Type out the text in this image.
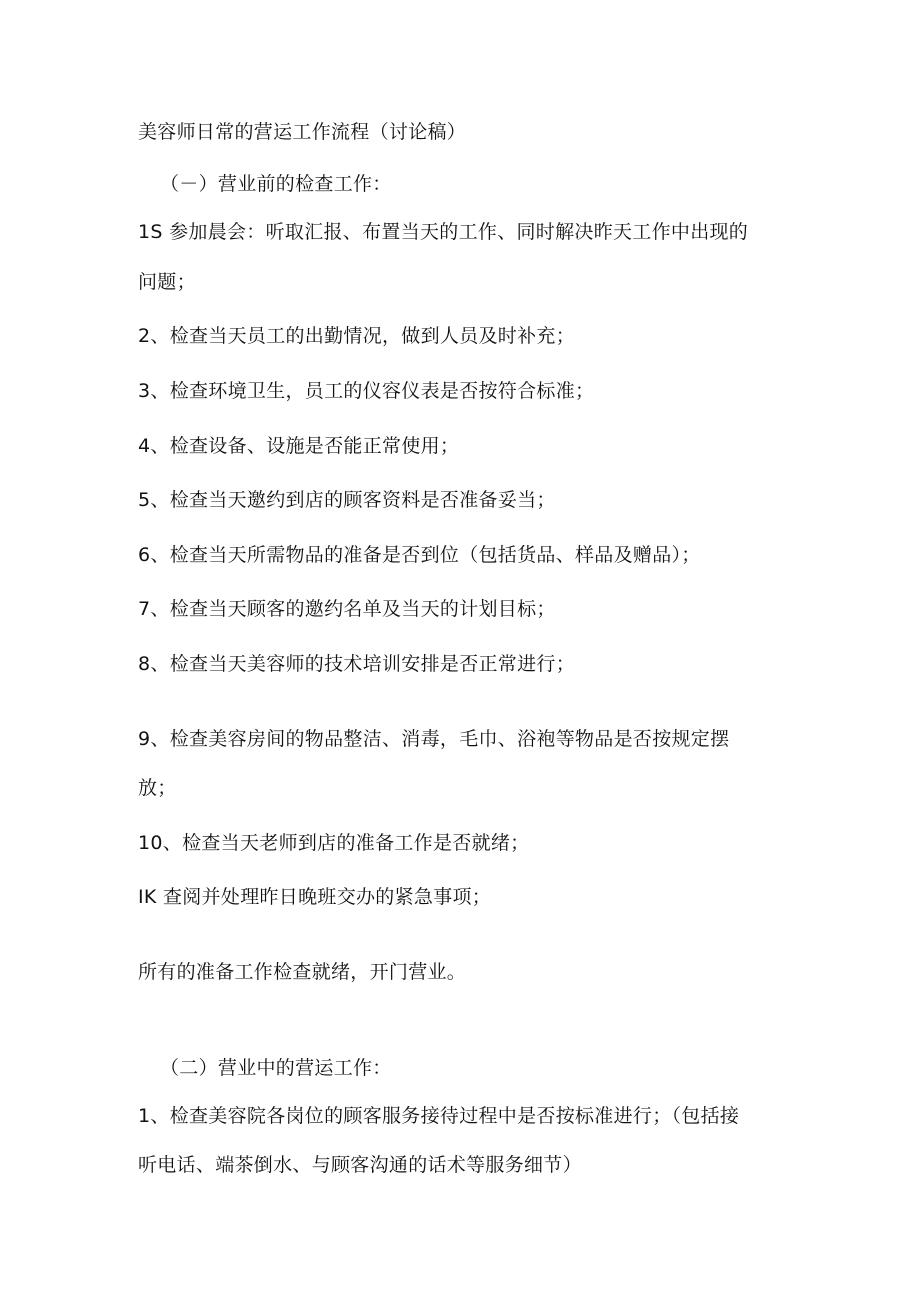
美容师日常的营运工作流程（讨论稿）
（－）营业前的检查工作：
1S 参加晨会：听取汇报、布置当天的工作、同时解决昨天工作中出现的
问题；
2、检查当天员工的出勤情况，做到人员及时补充；
3、检查环境卫生，员工的仪容仪表是否按符合标准；
4、检查设备、设施是否能正常使用；
5、检查当天邀约到店的顾客资料是否准备妥当；
6、检查当天所需物品的准备是否到位（包括货品、样品及赠品）；
7、检查当天顾客的邀约名单及当天的计划目标；
8、检查当天美容师的技术培训安排是否正常进行；
9、检查美容房间的物品整洁、消毒，毛巾、浴袍等物品是否按规定摆
放；
10、检查当天老师到店的准备工作是否就绪；
IK 查阅并处理昨日晚班交办的紧急事项；
所有的准备工作检查就绪，开门营业。
（二）营业中的营运工作：
1、检查美容院各岗位的顾客服务接待过程中是否按标准进行；（包括接
听电话、端茶倒水、与顾客沟通的话术等服务细节）
